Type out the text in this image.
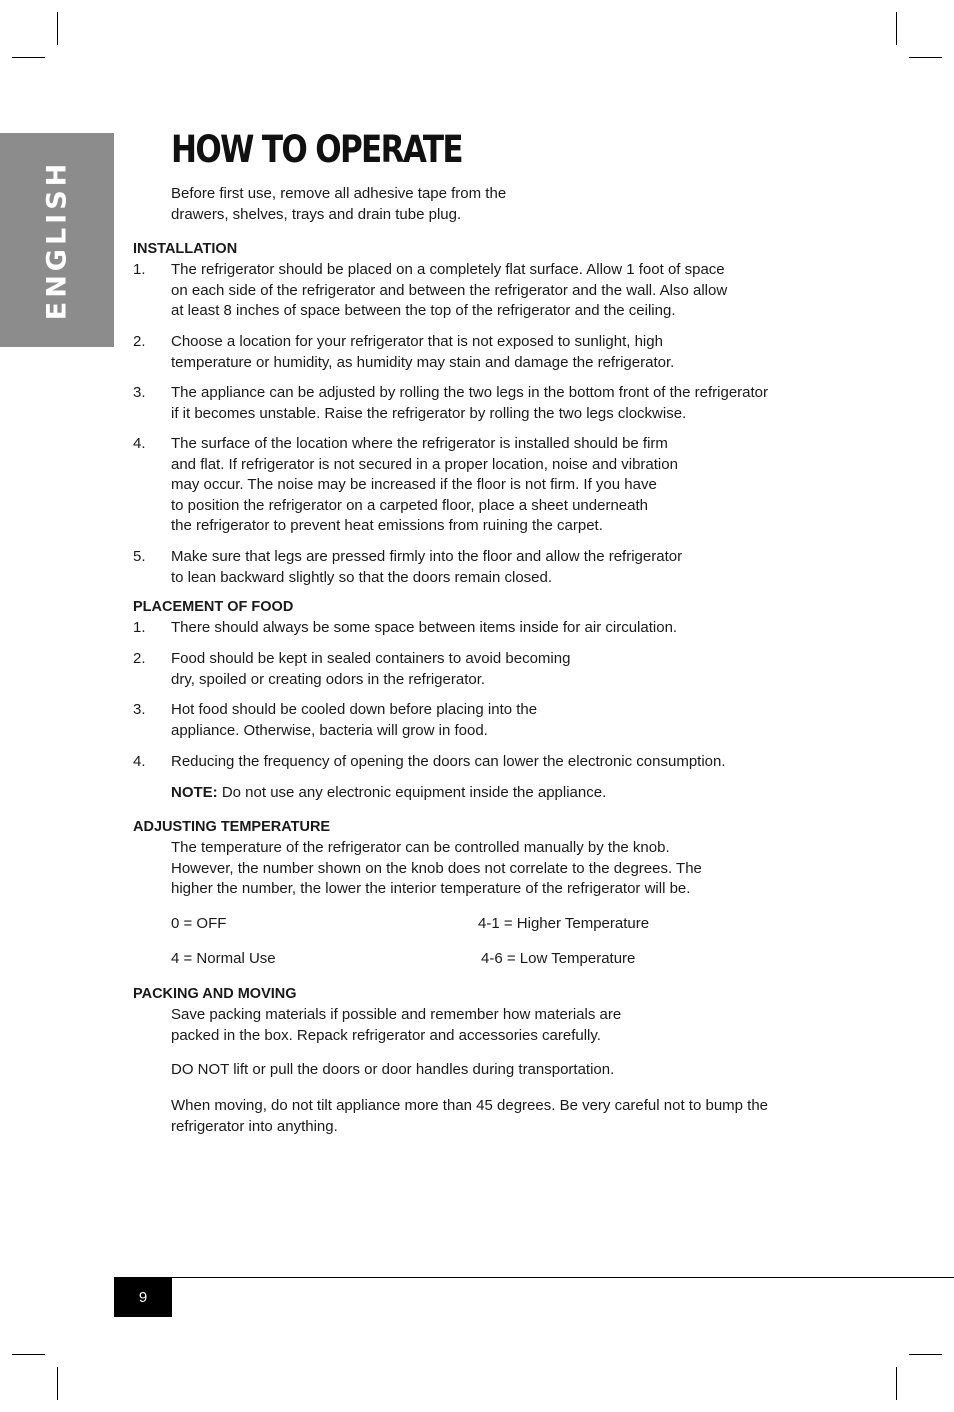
ENGLISH
HOW TO OPERATE

Before first use, remove all adhesive tape from the
drawers, shelves, trays and drain tube plug.

INSTALLATION
1. The refrigerator should be placed on a completely flat surface. Allow 1 foot of space
on each side of the refrigerator and between the refrigerator and the wall. Also allow
at least 8 inches of space between the top of the refrigerator and the ceiling.

2. Choose a location for your refrigerator that is not exposed to sunlight, high
temperature or humidity, as humidity may stain and damage the refrigerator.

3. The appliance can be adjusted by rolling the two legs in the bottom front of the refrigerator
if it becomes unstable. Raise the refrigerator by rolling the two legs clockwise.

4. The surface of the location where the refrigerator is installed should be firm
and flat. If refrigerator is not secured in a proper location, noise and vibration
may occur. The noise may be increased if the floor is not firm. If you have
to position the refrigerator on a carpeted floor, place a sheet underneath
the refrigerator to prevent heat emissions from ruining the carpet.

5. Make sure that legs are pressed firmly into the floor and allow the refrigerator
to lean backward slightly so that the doors remain closed.

PLACEMENT OF FOOD
1. There should always be some space between items inside for air circulation.

2. Food should be kept in sealed containers to avoid becoming
dry, spoiled or creating odors in the refrigerator.

3. Hot food should be cooled down before placing into the
appliance. Otherwise, bacteria will grow in food.

4. Reducing the frequency of opening the doors can lower the electronic consumption.

NOTE: Do not use any electronic equipment inside the appliance.

ADJUSTING TEMPERATURE

The temperature of the refrigerator can be controlled manually by the knob.
However, the number shown on the knob does not correlate to the degrees. The
higher the number, the lower the interior temperature of the refrigerator will be.

0 = OFF	4-1 = Higher Temperature
4 = Normal Use	4-6 = Low Temperature
PACKING AND MOVING

Save packing materials if possible and remember how materials are
packed in the box. Repack refrigerator and accessories carefully.

DO NOT lift or pull the doors or door handles during transportation.

When moving, do not tilt appliance more than 45 degrees. Be very careful not to bump the
refrigerator into anything.

9
